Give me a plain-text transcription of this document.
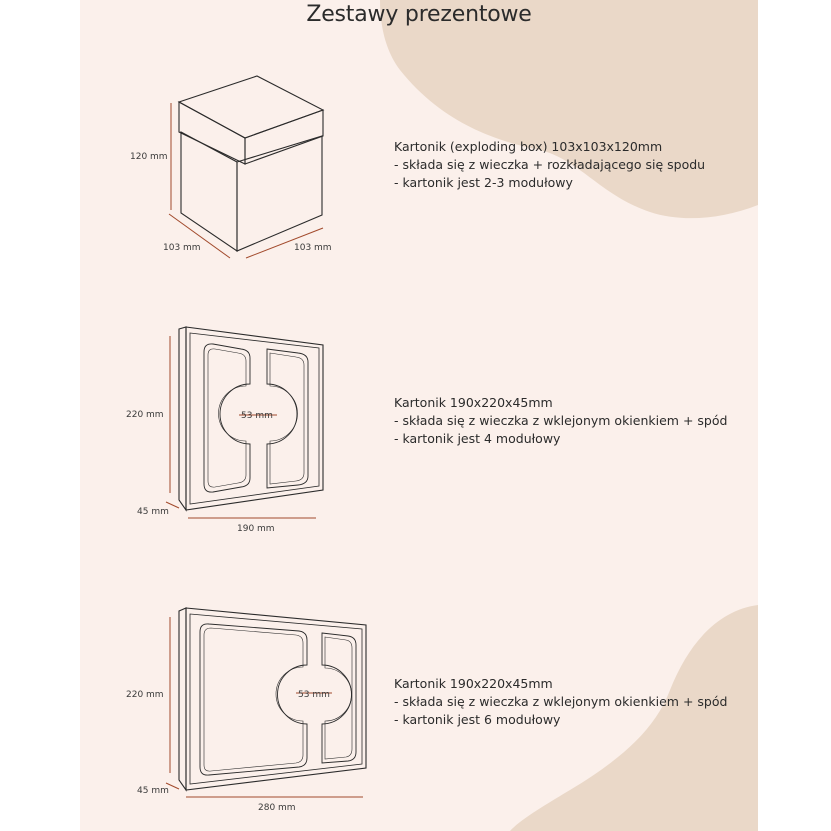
Zestawy prezentowe
120 mm
103 mm	103 mm
Kartonik (exploding box) 103x103x120mm
- składa się z wieczka + rozkładającego się spodu
- kartonik jest 2-3 modułowy
220 mm
45 mm
190 mm
53 mm
Kartonik 190x220x45mm
- składa się z wieczka z wklejonym okienkiem + spód
- kartonik jest 4 modułowy
220 mm
45 mm
280 mm
53 mm
Kartonik 190x220x45mm
- składa się z wieczka z wklejonym okienkiem + spód
- kartonik jest 6 modułowy
